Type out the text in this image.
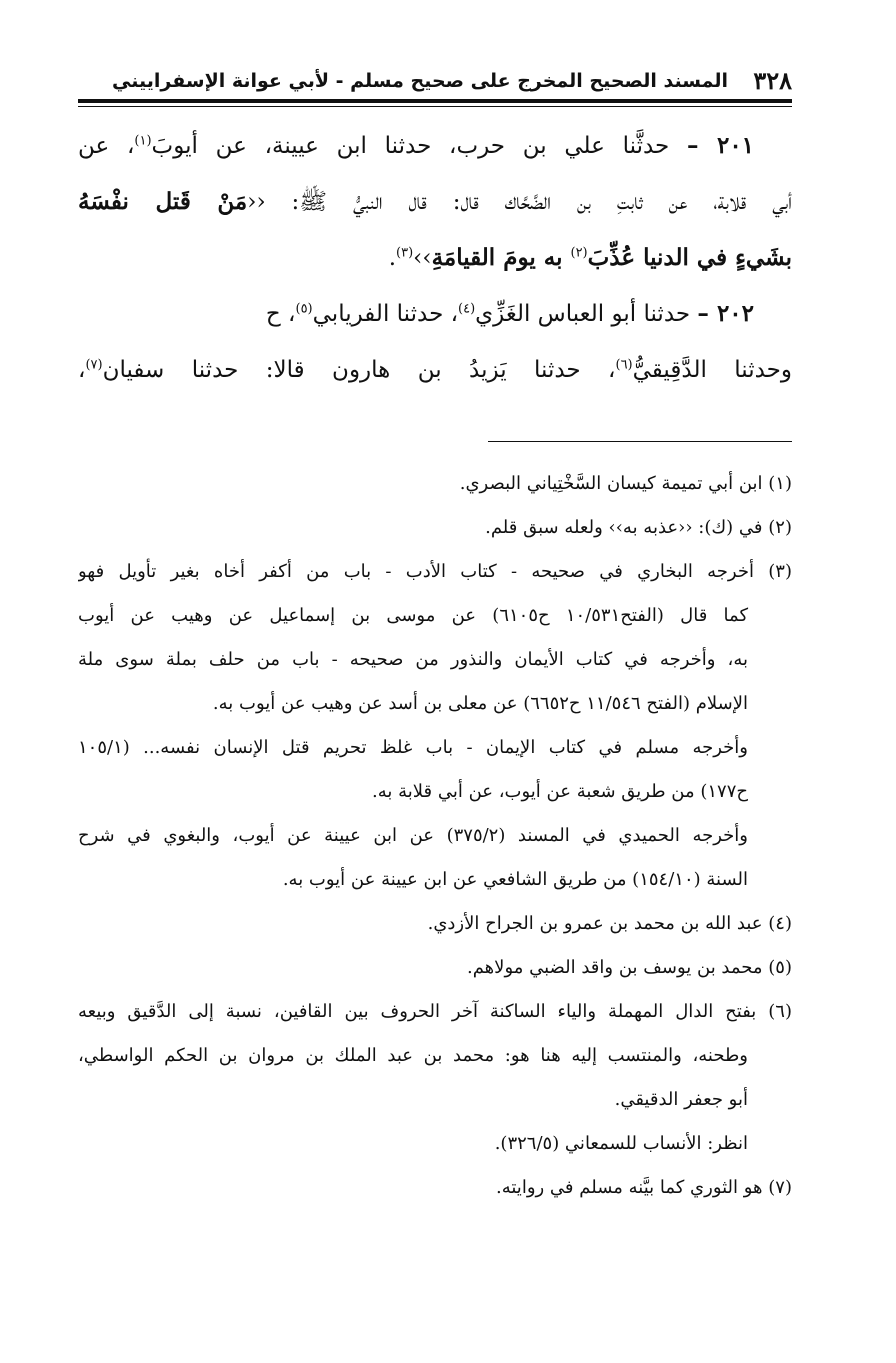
٣٢٨
المسند الصحيح المخرج على صحيح مسلم - لأبي عوانة الإسفراييني
٢٠١ – حدثَّنا علي بن حرب، حدثنا ابن عيينة، عن أيوبَ$^{(١)}$، عن
أبي قلابة، عن ثابتِ بن الضَّحَّاك قال: قال النبيُّ ﷺ: ‹‹مَنْ قَتل نفْسَهُ
بشَيءٍ في الدنيا عُذِّبَ$^{(٢)}$ به يومَ القيامَةِ››$^{(٣)}$.
٢٠٢ – حدثنا أبو العباس الغَزِّي$^{(٤)}$، حدثنا الفريابي$^{(٥)}$، ح
وحدثنا الدَّقِيقيُّ$^{(٦)}$، حدثنا يَزيدُ بن هارون قالا: حدثنا سفيان$^{(٧)}$،
(١) ابن أبي تميمة كيسان السَّخْتِياني البصري.
(٢) في (ك): ‹‹عذبه به›› ولعله سبق قلم.
(٣) أخرجه البخاري في صحيحه - كتاب الأدب - باب من أكفر أخاه بغير تأويل فهو
كما قال (الفتح١٠/٥٣١ ح٦١٠٥) عن موسى بن إسماعيل عن وهيب عن أيوب
به، وأخرجه في كتاب الأيمان والنذور من صحيحه - باب من حلف بملة سوى ملة
الإسلام (الفتح ١١/٥٤٦ ح٦٦٥٢) عن معلى بن أسد عن وهيب عن أيوب به.
وأخرجه مسلم في كتاب الإيمان - باب غلظ تحريم قتل الإنسان نفسه... (١٠٥/١
ح١٧٧) من طريق شعبة عن أيوب، عن أبي قلابة به.
وأخرجه الحميدي في المسند (٣٧٥/٢) عن ابن عيينة عن أيوب، والبغوي في شرح
السنة (١٥٤/١٠) من طريق الشافعي عن ابن عيينة عن أيوب به.
(٤) عبد الله بن محمد بن عمرو بن الجراح الأزدي.
(٥) محمد بن يوسف بن واقد الضبي مولاهم.
(٦) بفتح الدال المهملة والياء الساكنة آخر الحروف بين القافين، نسبة إلى الدَّقيق وبيعه
وطحنه، والمنتسب إليه هنا هو: محمد بن عبد الملك بن مروان بن الحكم الواسطي،
أبو جعفر الدقيقي.
انظر: الأنساب للسمعاني (٣٢٦/٥).
(٧) هو الثوري كما بيَّنه مسلم في روايته.
